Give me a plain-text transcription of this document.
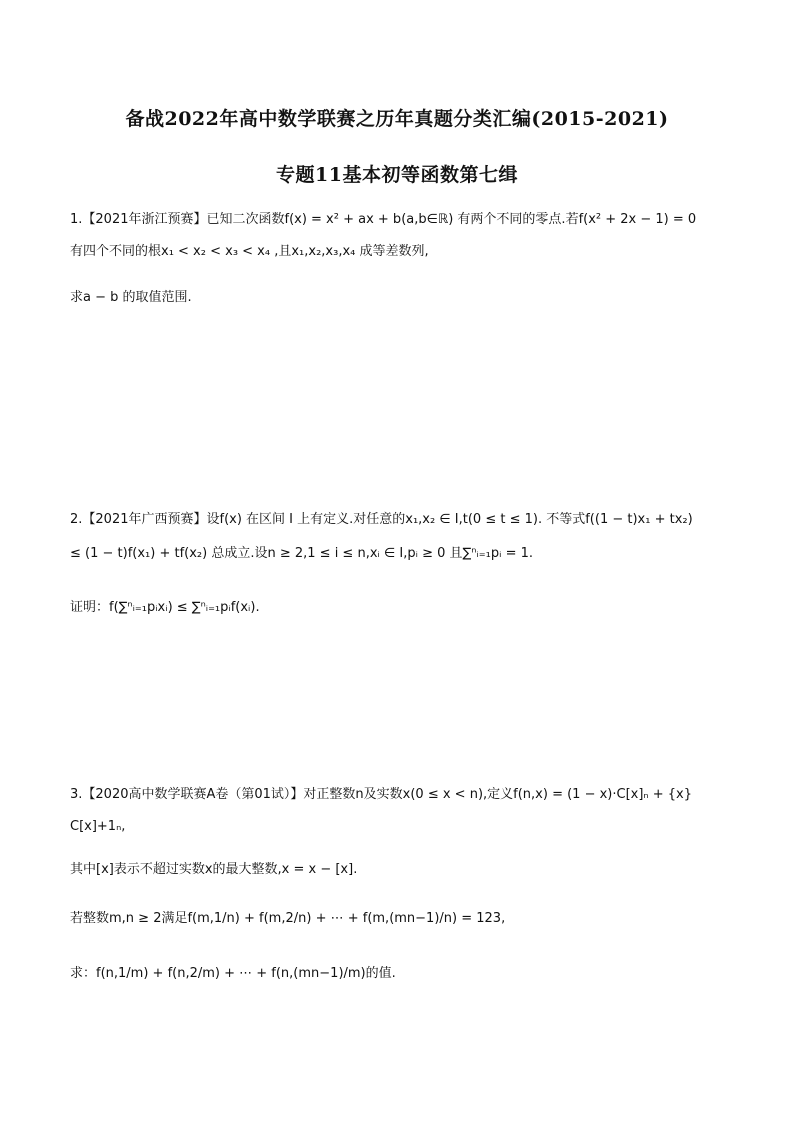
备战2022年高中数学联赛之历年真题分类汇编(2015-2021)
专题11基本初等函数第七缉
1.【2021年浙江预赛】已知二次函数f(x) = x² + ax + b(a,b∈ℝ) 有两个不同的零点.若f(x² + 2x − 1) = 0
有四个不同的根x₁ < x₂ < x₃ < x₄ ,且x₁,x₂,x₃,x₄ 成等差数列,
求a − b 的取值范围.
2.【2021年广西预赛】设f(x) 在区间 I 上有定义.对任意的x₁,x₂ ∈ I,t(0 ≤ t ≤ 1). 不等式f((1 − t)x₁ + tx₂)
≤ (1 − t)f(x₁) + tf(x₂) 总成立.设n ≥ 2,1 ≤ i ≤ n,xᵢ ∈ I,pᵢ ≥ 0 且∑ⁿᵢ₌₁pᵢ = 1.
证明：f(∑ⁿᵢ₌₁pᵢxᵢ) ≤ ∑ⁿᵢ₌₁pᵢf(xᵢ).
3.【2020高中数学联赛A卷（第01试）】对正整数n及实数x(0 ≤ x < n),定义f(n,x) = (1 − x)·C[x]ₙ + {x}
C[x]+1ₙ,
其中[x]表示不超过实数x的最大整数,x = x − [x].
若整数m,n ≥ 2满足f(m,1/n) + f(m,2/n) + ⋯ + f(m,(mn−1)/n) = 123,
求：f(n,1/m) + f(n,2/m) + ⋯ + f(n,(mn−1)/m)的值.
